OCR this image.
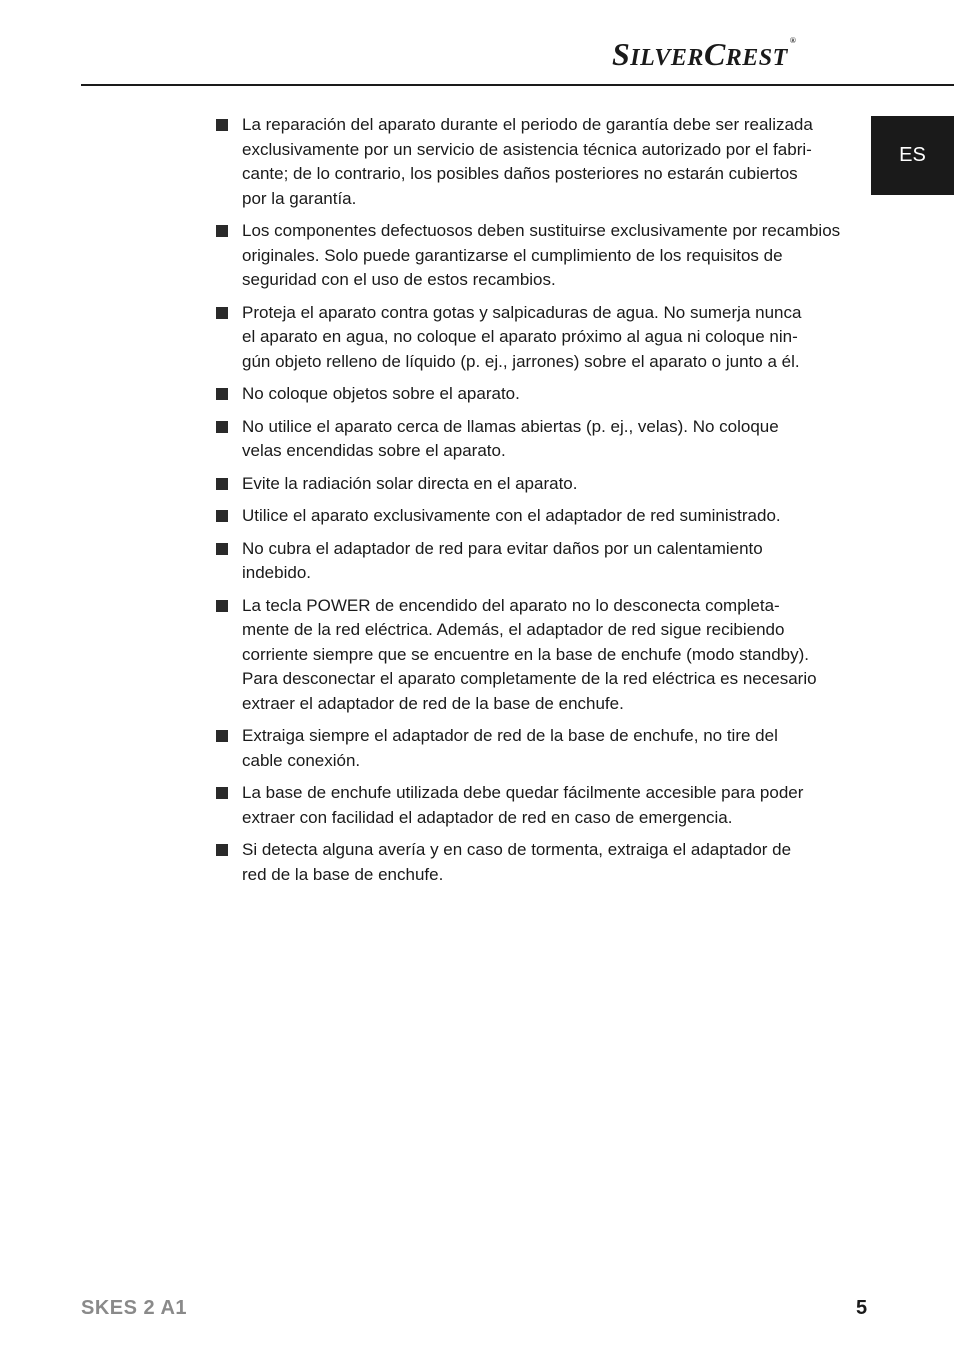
SILVERCREST®
ES
La reparación del aparato durante el periodo de garantía debe ser realizada
exclusivamente por un servicio de asistencia técnica autorizado por el fabri-
cante; de lo contrario, los posibles daños posteriores no estarán cubiertos
por la garantía.
Los componentes defectuosos deben sustituirse exclusivamente por recambios
originales. Solo puede garantizarse el cumplimiento de los requisitos de
seguridad con el uso de estos recambios.
Proteja el aparato contra gotas y salpicaduras de agua. No sumerja nunca
el aparato en agua, no coloque el aparato próximo al agua ni coloque nin-
gún objeto relleno de líquido (p. ej., jarrones) sobre el aparato o junto a él.
No coloque objetos sobre el aparato.
No utilice el aparato cerca de llamas abiertas (p. ej., velas). No coloque
velas encendidas sobre el aparato.
Evite la radiación solar directa en el aparato.
Utilice el aparato exclusivamente con el adaptador de red suministrado.
No cubra el adaptador de red para evitar daños por un calentamiento
indebido.
La tecla POWER de encendido del aparato no lo desconecta completa-
mente de la red eléctrica. Además, el adaptador de red sigue recibiendo
corriente siempre que se encuentre en la base de enchufe (modo standby).
Para desconectar el aparato completamente de la red eléctrica es necesario
extraer el adaptador de red de la base de enchufe.
Extraiga siempre el adaptador de red de la base de enchufe, no tire del
cable conexión.
La base de enchufe utilizada debe quedar fácilmente accesible para poder
extraer con facilidad el adaptador de red en caso de emergencia.
Si detecta alguna avería y en caso de tormenta, extraiga el adaptador de
red de la base de enchufe.
SKES 2 A1	5
